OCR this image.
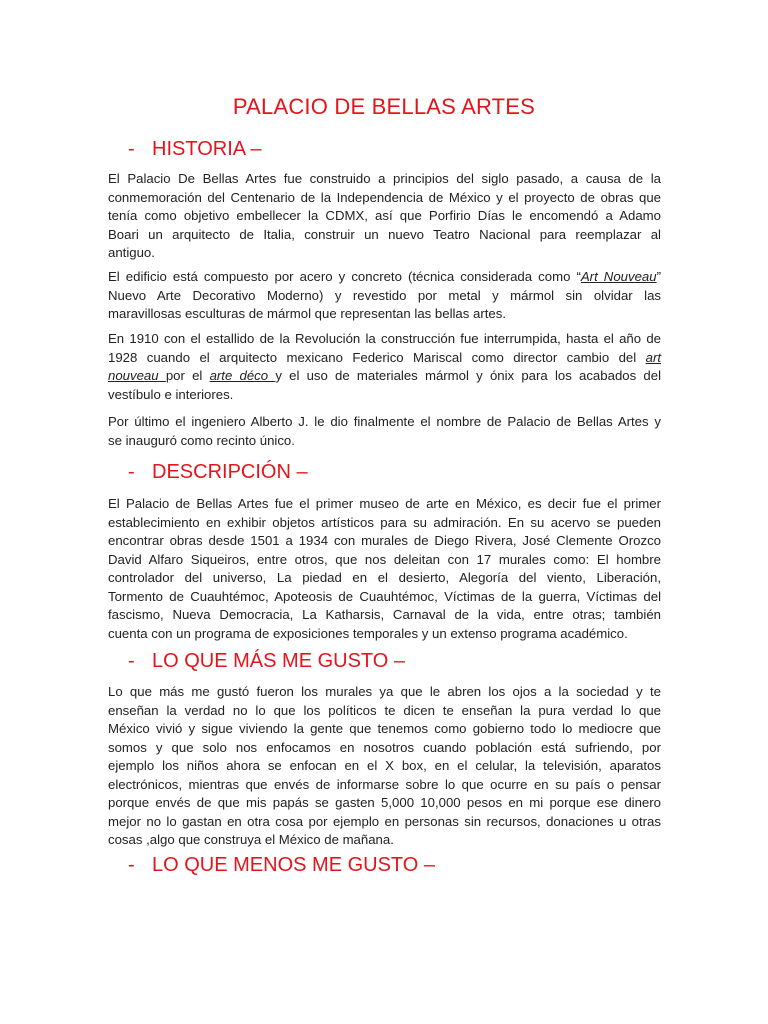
PALACIO DE BELLAS ARTES
- HISTORIA –
El Palacio De Bellas Artes fue construido a principios del siglo pasado, a causa de la
conmemoración del Centenario de la Independencia de México y el proyecto de obras que
tenía como objetivo embellecer la CDMX, así que Porfirio Días le encomendó a Adamo
Boari un arquitecto de Italia, construir un nuevo Teatro Nacional para reemplazar al
antiguo.
El edificio está compuesto por acero y concreto (técnica considerada como “Art Nouveau”
Nuevo Arte Decorativo Moderno) y revestido por metal y mármol sin olvidar las
maravillosas esculturas de mármol que representan las bellas artes.
En 1910 con el estallido de la Revolución la construcción fue interrumpida, hasta el año de
1928 cuando el arquitecto mexicano Federico Mariscal como director cambio del art
nouveau por el arte déco y el uso de materiales mármol y ónix para los acabados del
vestíbulo e interiores.
Por último el ingeniero Alberto J. le dio finalmente el nombre de Palacio de Bellas Artes y
se inauguró como recinto único.
- DESCRIPCIÓN –
El Palacio de Bellas Artes fue el primer museo de arte en México, es decir fue el primer
establecimiento en exhibir objetos artísticos para su admiración. En su acervo se pueden
encontrar obras desde 1501 a 1934 con murales de Diego Rivera, José Clemente Orozco
David Alfaro Siqueiros, entre otros, que nos deleitan con 17 murales como: El hombre
controlador del universo, La piedad en el desierto, Alegoría del viento, Liberación,
Tormento de Cuauhtémoc, Apoteosis de Cuauhtémoc, Víctimas de la guerra, Víctimas del
fascismo, Nueva Democracia, La Katharsis, Carnaval de la vida, entre otras; también
cuenta con un programa de exposiciones temporales y un extenso programa académico.
- LO QUE MÁS ME GUSTO –
Lo que más me gustó fueron los murales ya que le abren los ojos a la sociedad y te
enseñan la verdad no lo que los políticos te dicen te enseñan la pura verdad lo que
México vivió y sigue viviendo la gente que tenemos como gobierno todo lo mediocre que
somos y que solo nos enfocamos en nosotros cuando población está sufriendo, por
ejemplo los niños ahora se enfocan en el X box, en el celular, la televisión, aparatos
electrónicos, mientras que envés de informarse sobre lo que ocurre en su país o pensar
porque envés de que mis papás se gasten 5,000 10,000 pesos en mi porque ese dinero
mejor no lo gastan en otra cosa por ejemplo en personas sin recursos, donaciones u otras
cosas ,algo que construya el México de mañana.
- LO QUE MENOS ME GUSTO –
